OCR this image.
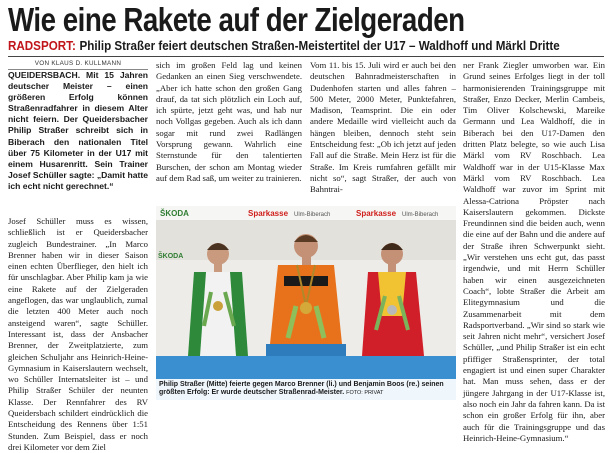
Wie eine Rakete auf der Zielgeraden
RADSPORT: Philip Straßer feiert deutschen Straßen-Meistertitel der U17 – Waldhoff und Märkl Dritte
VON KLAUS D. KULLMANN
QUEIDERSBACH. Mit 15 Jahren deutscher Meister – einen größeren Erfolg können Straßenradfahrer in diesem Alter nicht feiern. Der Queidersbacher Philip Straßer schreibt sich in Biberach den nationalen Titel über 75 Kilometer in der U17 mit einem Husarenritt. Sein Trainer Josef Schüller sagte: „Damit hatte ich echt nicht gerechnet.“
Josef Schüller muss es wissen, schließlich ist er Queidersbacher zugleich Bundestrainer. „In Marco Brenner haben wir in dieser Saison einen echten Überflieger, den hielt ich für unschlagbar. Aber Philip kam ja wie eine Rakete auf der Zielgeraden angeflogen, das war unglaublich, zumal die letzten 400 Meter auch noch ansteigend waren“, sagte Schüller. Interessant ist, dass der Ansbacher Brenner, der Zweitplatzierte, zum gleichen Schuljahr ans Heinrich-Heine-Gymnasium in Kaiserslautern wechselt, wo Schüller Internatsleiter ist – und Philip Straßer Schüler der neunten Klasse. Der Rennfahrer des RV Queidersbach schildert eindrücklich die Entscheidung des Rennens über 1:51 Stunden. Zum Beispiel, dass er noch drei Kilometer vor dem Ziel
sich im großen Feld lag und keinen Gedanken an einen Sieg verschwendete. „Aber ich hatte schon den großen Gang drauf, da tat sich plötzlich ein Loch auf, ich spürte, jetzt geht was, und hab nur noch Vollgas gegeben. Auch als ich dann sogar mit rund zwei Radlängen Vorsprung gewann. Wahrlich eine Sternstunde für den talentierten Burschen, der schon am Montag wieder auf dem Rad saß, um weiter zu trainieren.
Vom 11. bis 15. Juli wird er auch bei den deutschen Bahnradmeisterschaften in Dudenhofen starten und alles fahren – 500 Meter, 2000 Meter, Punktefahren, Madison, Teamsprint. Die ein oder andere Medaille wird vielleicht auch da hängen bleiben, dennoch steht sein Entscheidung fest: „Ob ich jetzt auf jeden Fall auf die Straße. Mein Herz ist für die Straße. Im Kreis rumfahren gefällt mir nicht so“, sagt Straßer, der auch von Bahntrai-
ner Frank Ziegler umworben war. Ein Grund seines Erfolges liegt in der toll harmonisierenden Trainingsgruppe mit Straßer, Enzo Decker, Merlin Cambeis, Tim Oliver Kolschewski, Mareike Germann und Lea Waldhoff, die in Biberach bei den U17-Damen den dritten Platz belegte, so wie auch Lisa Märkl vom RV Roschbach. Lea Waldhoff war in der U15-Klasse Max Märkl vom RV Roschbach. Lea Waldhoff war zuvor im Sprint mit Alessa-Catriona Pröpster nach Kaiserslautern gekommen. Dickste Freundinnen sind die beiden auch, wenn die eine auf der Bahn und die andere auf der Straße ihren Schwerpunkt sieht. „Wir verstehen uns echt gut, das passt irgendwie, und mit Herrn Schüller haben wir einen ausgezeichneten Coach“, lobte Straßer die Arbeit am Elitegymnasium und die Zusammenarbeit mit dem Radsportverband. „Wir sind so stark wie seit Jahren nicht mehr“, versichert Josef Schüller, „und Philip Straßer ist ein echt pfiffiger Straßensprinter, der total engagiert ist und einen super Charakter hat. Man muss sehen, dass er der jüngere Jahrgang in der U17-Klasse ist, also noch ein Jahr da fahren kann. Da ist schon ein großer Erfolg für ihn, aber auch für die Trainingsgruppe und das Heinrich-Heine-Gymnasium.“
ŠKODA	Sparkasse Ulm-Biberach	Sparkasse Ulm-Biberach
ŠKODA
Philip Straßer (Mitte) feierte gegen Marco Brenner (li.) und Benjamin Boos (re.) seinen größten Erfolg: Er wurde deutscher Straßenrad-Meister. FOTO: PRIVAT
